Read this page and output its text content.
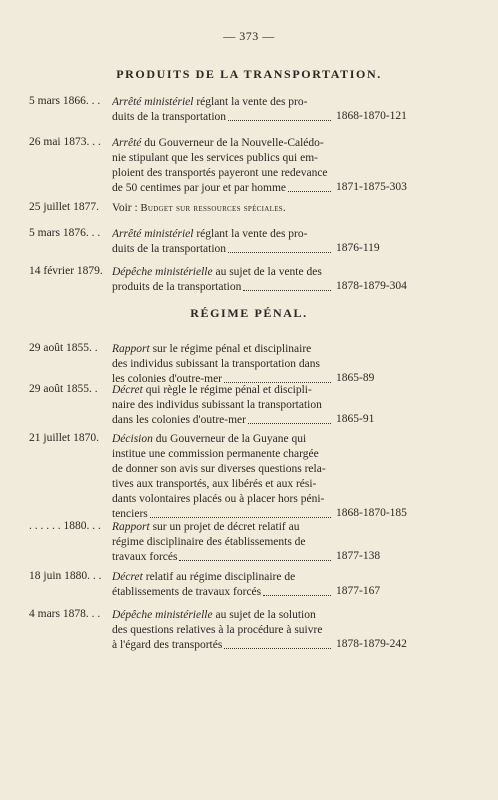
— 373 —
PRODUITS DE LA TRANSPORTATION.
5 mars 1866. . . Arrêté ministériel réglant la vente des pro-
duits de la transportation	1868-1870-121
26 mai 1873. . . Arrêté du Gouverneur de la Nouvelle-Calédo-
nie stipulant que les services publics qui em-
ploient des transportés payeront une redevance
de 50 centimes par jour et par homme	1871-1875-303
25 juillet 1877. Voir : Budget sur ressources spéciales.
5 mars 1876. . . Arrêté ministériel réglant la vente des pro-
duits de la transportation	1876-119
14 février 1879. Dépêche ministérielle au sujet de la vente des
produits de la transportation	1878-1879-304
RÉGIME PÉNAL.
29 août 1855. . Rapport sur le régime pénal et disciplinaire
des individus subissant la transportation dans
les colonies d'outre-mer	1865-89
29 août 1855. . Décret qui règle le régime pénal et discipli-
naire des individus subissant la transportation
dans les colonies d'outre-mer	1865-91
21 juillet 1870. Décision du Gouverneur de la Guyane qui
institue une commission permanente chargée
de donner son avis sur diverses questions rela-
tives aux transportés, aux libérés et aux rési-
dants volontaires placés ou à placer hors péni-
tenciers	1868-1870-185
. . . . . . 1880. . . Rapport sur un projet de décret relatif au
régime disciplinaire des établissements de
travaux forcés	1877-138
18 juin 1880. . . Décret relatif au régime disciplinaire de
établissements de travaux forcés	1877-167
4 mars 1878. . . Dépêche ministérielle au sujet de la solution
des questions relatives à la procédure à suivre
à l'égard des transportés	1878-1879-242
